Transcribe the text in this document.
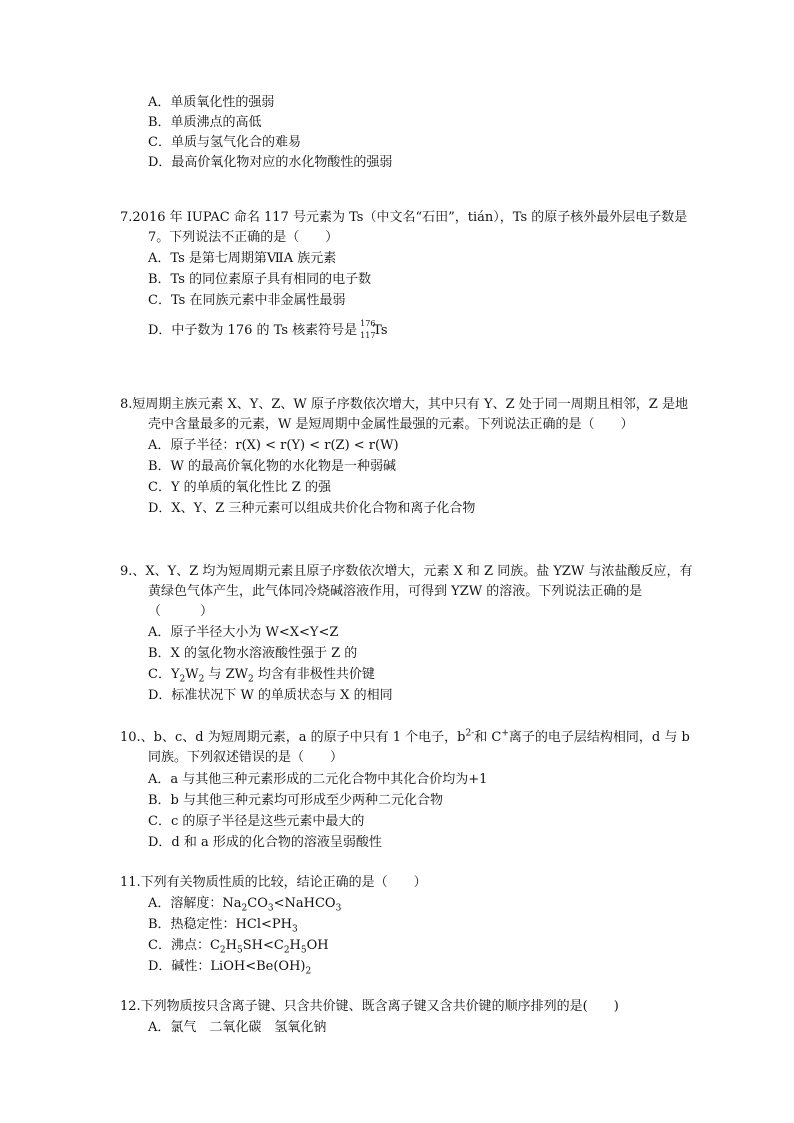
A．单质氧化性的强弱
B．单质沸点的高低
C．单质与氢气化合的难易
D．最高价氧化物对应的水化物酸性的强弱
7.2016 年 IUPAC 命名 117 号元素为 Ts（中文名“石田”，tián），Ts 的原子核外最外层电子数是
7。下列说法不正确的是（　　）
A．Ts 是第七周期第ⅦA 族元素
B．Ts 的同位素原子具有相同的电子数
C．Ts 在同族元素中非金属性最弱
D．中子数为 176 的 Ts 核素符号是 176
117
Ts
8.短周期主族元素 X、Y、Z、W 原子序数依次增大，其中只有 Y、Z 处于同一周期且相邻，Z 是地
壳中含量最多的元素，W 是短周期中金属性最强的元素。下列说法正确的是（　　）
A．原子半径：r(X) < r(Y) < r(Z) < r(W)
B．W 的最高价氧化物的水化物是一种弱碱
C．Y 的单质的氧化性比 Z 的强
D．X、Y、Z 三种元素可以组成共价化合物和离子化合物
9.、X、Y、Z 均为短周期元素且原子序数依次增大，元素 X 和 Z 同族。盐 YZW 与浓盐酸反应，有
黄绿色气体产生，此气体同冷烧碱溶液作用，可得到 YZW 的溶液。下列说法正确的是
（　　　）
A．原子半径大小为 W<X<Y<Z
B．X 的氢化物水溶液酸性强于 Z 的
C．$Y_2W_2$ 与 $ZW_2$ 均含有非极性共价键
D．标准状况下 W 的单质状态与 X 的相同
10.、b、c、d 为短周期元素，a 的原子中只有 1 个电子，$b^{2-}$和 C+离子的电子层结构相同，d 与 b
同族。下列叙述错误的是（　　）
A．a 与其他三种元素形成的二元化合物中其化合价均为+1
B．b 与其他三种元素均可形成至少两种二元化合物
C．c 的原子半径是这些元素中最大的
D．d 和 a 形成的化合物的溶液呈弱酸性
11.下列有关物质性质的比较，结论正确的是（　　）
A．溶解度：$Na_2CO_3<NaHCO_3$
B．热稳定性：$HCl<PH_3$
C．沸点：$C_2H_5SH<C_2H_5OH$
D．碱性：$LiOH<Be(OH)_2$
12.下列物质按只含离子键、只含共价键、既含离子键又含共价键的顺序排列的是(　　)
A．氯气　二氧化碳　氢氧化钠
